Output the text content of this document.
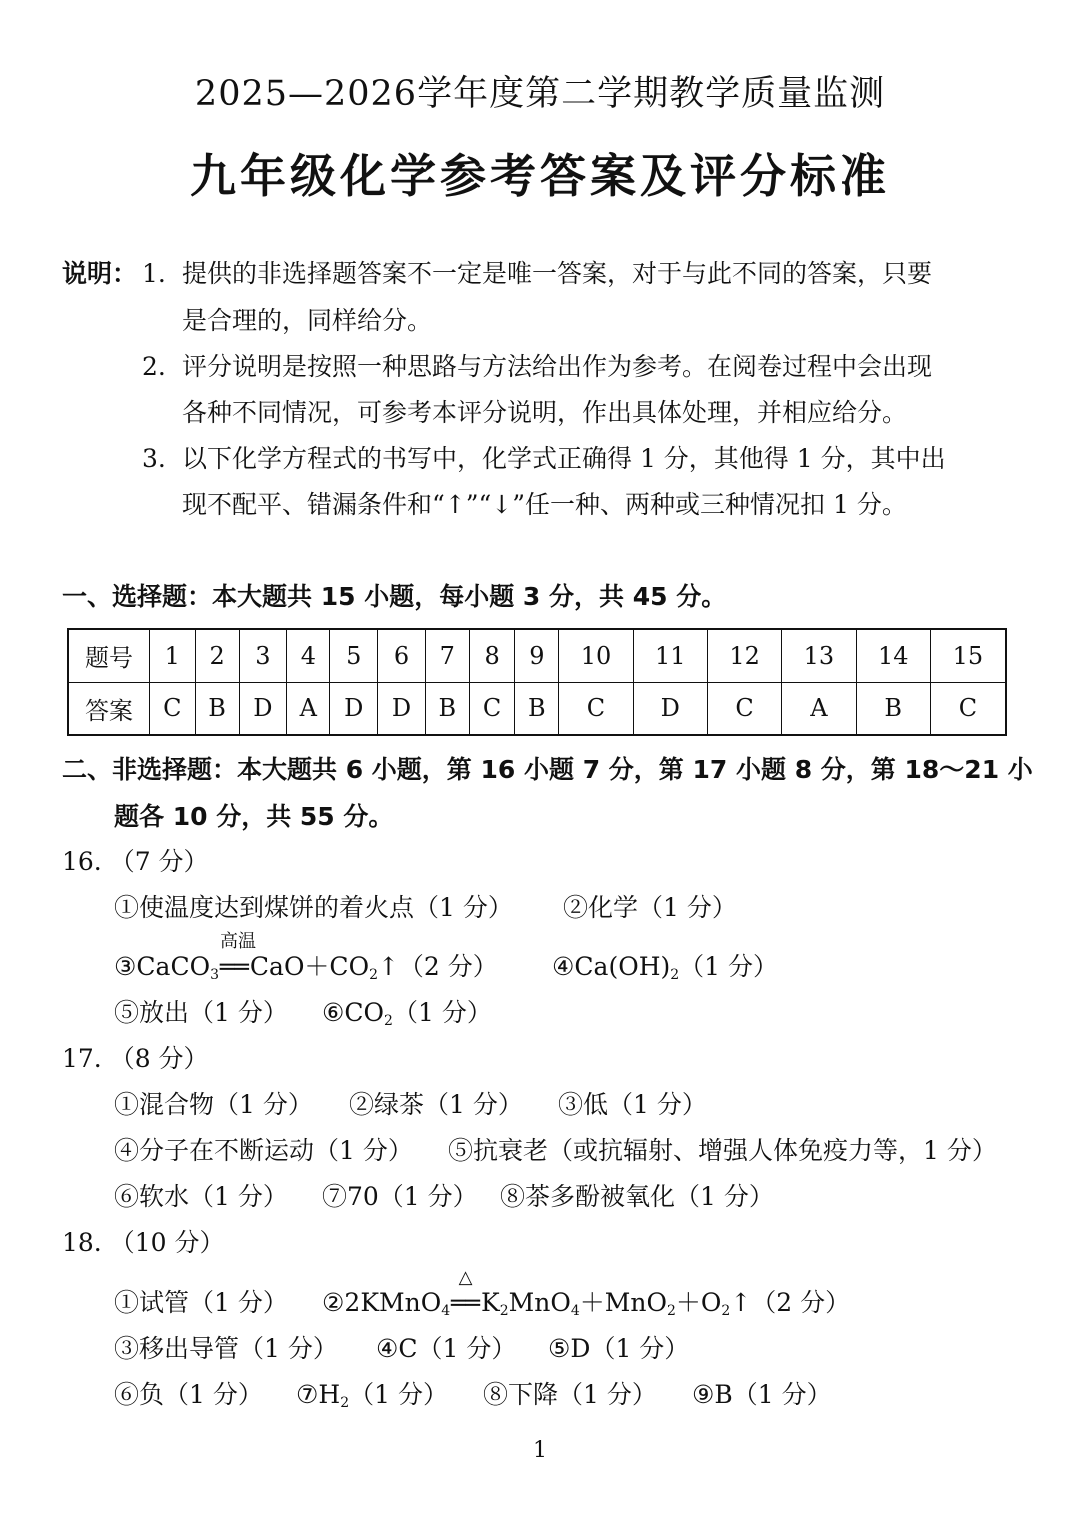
2025—2026学年度第二学期教学质量监测
九年级化学参考答案及评分标准
说明： 1. 提供的非选择题答案不一定是唯一答案，对于与此不同的答案，只要
是合理的，同样给分。
2. 评分说明是按照一种思路与方法给出作为参考。在阅卷过程中会出现
各种不同情况，可参考本评分说明，作出具体处理，并相应给分。
3. 以下化学方程式的书写中，化学式正确得 1 分，其他得 1 分，其中出
现不配平、错漏条件和“↑”“↓”任一种、两种或三种情况扣 1 分。
一、选择题：本大题共 15 小题，每小题 3 分，共 45 分。
题号	1	2	3	4	5	6	7	8	9	10	11	12	13	14	15
答案	C	B	D	A	D	D	B	C	B	C	D	C	A	B	C
二、非选择题：本大题共 6 小题，第 16 小题 7 分，第 17 小题 8 分，第 18～21 小
题各 10 分，共 55 分。
16. （7 分）
①使温度达到煤饼的着火点（1 分） ②化学（1 分）
③CaCO$_3$
高温
$══CaO+CO_2↑(2$ 分） $④Ca(OH)_2(1$ 分）
⑤放出（1 分） $⑥CO_2(1$ 分）
17. （8 分）
①混合物（1 分） ②绿茶（1 分） ③低（1 分）
④分子在不断运动（1 分） ⑤抗衰老（或抗辐射、增强人体免疫力等，1 分）
⑥软水（1 分） ⑦70（1 分） ⑧茶多酚被氧化（1 分）
18. （10 分）
①试管（1 分） ②2KMnO$_4$
△
$══K_2MnO_4+MnO_2+O_2↑(2$ 分）
③移出导管（1 分） ④C（1 分） ⑤D（1 分）
⑥负（1 分） $⑦H_2(1$ 分） ⑧下降（1 分） ⑨B（1 分）
1
